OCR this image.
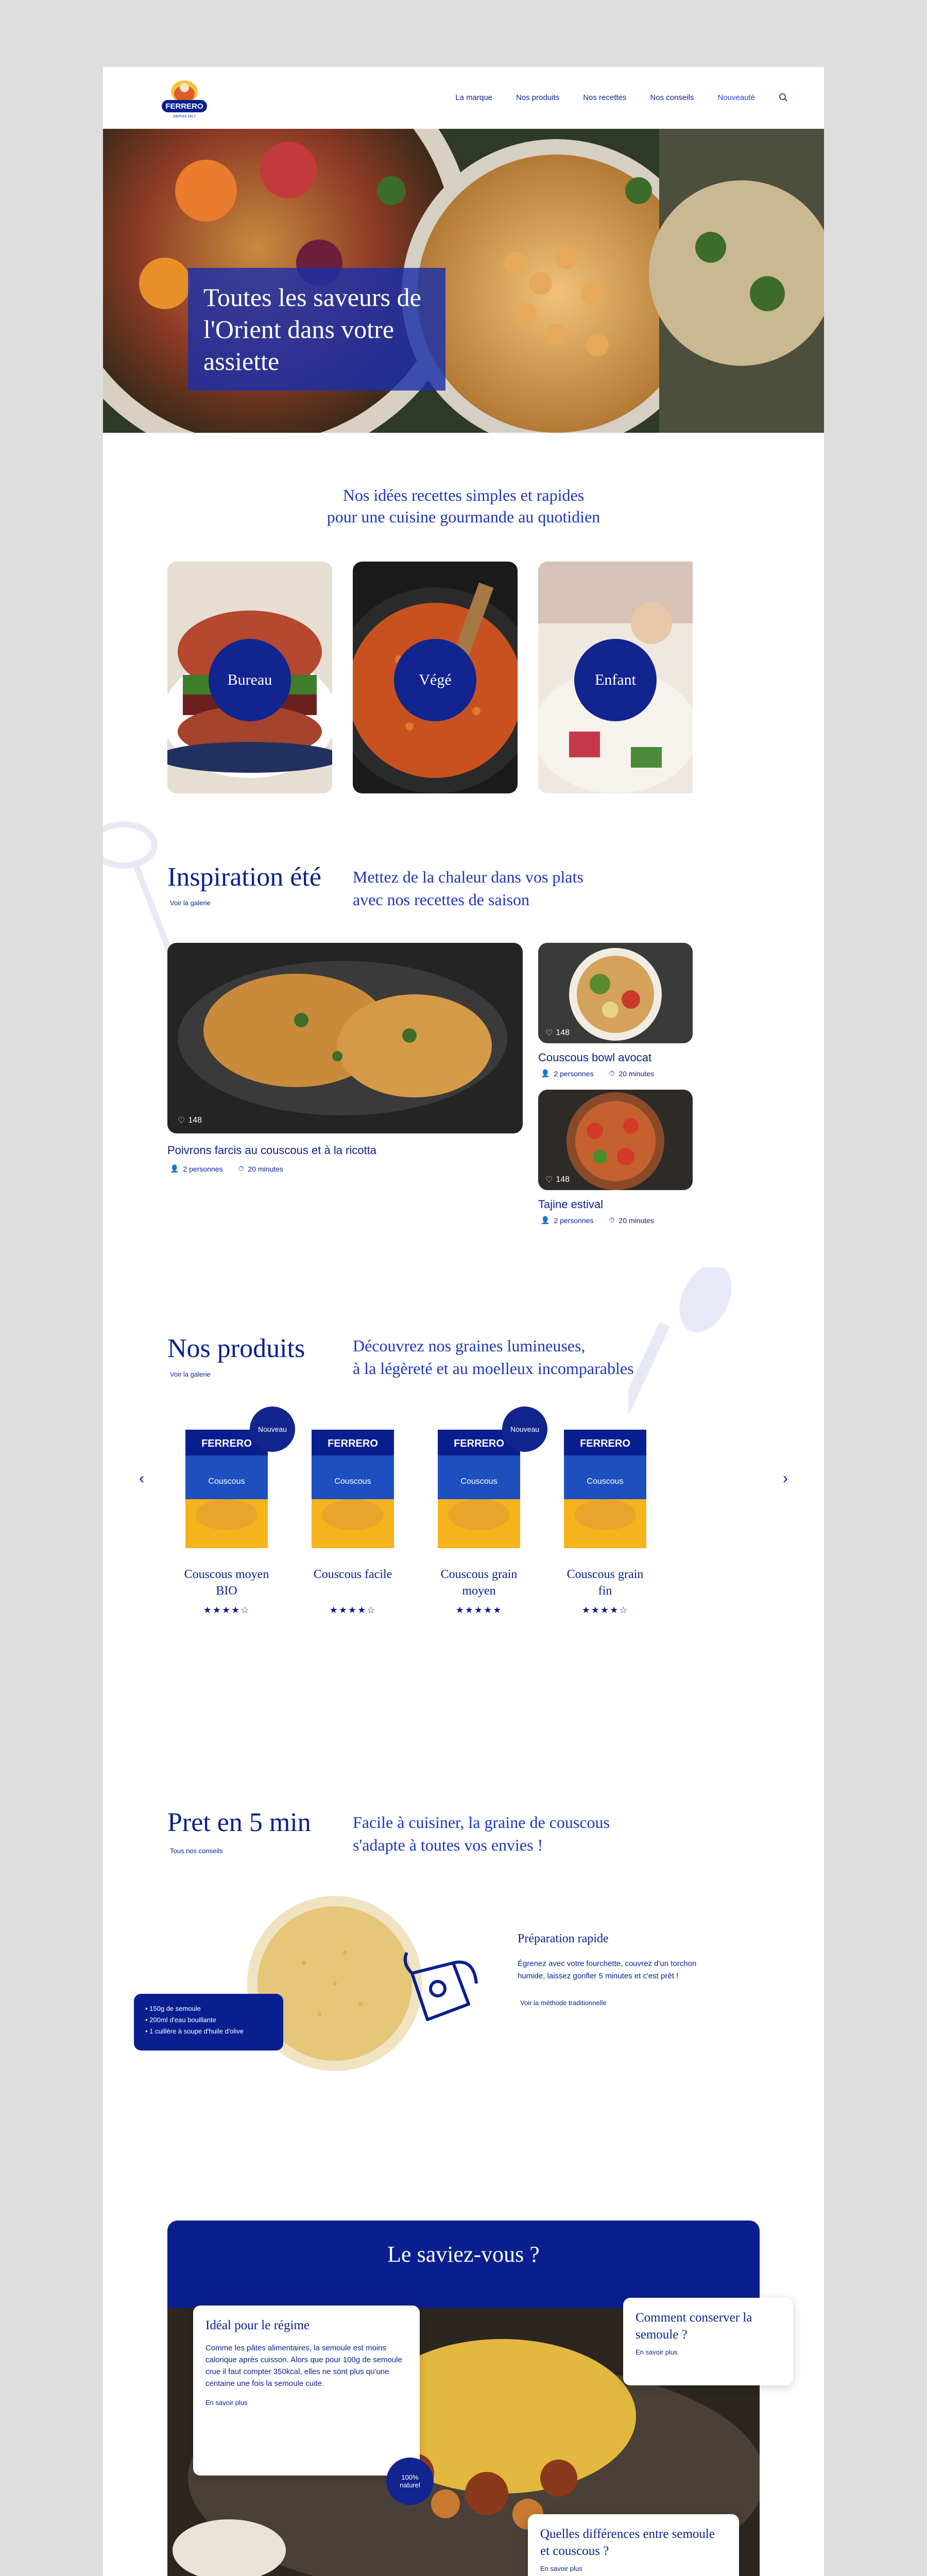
FERRERO
DEPUIS 1917
La marque	Nos produits	Nos recettes	Nos conseils	Nouveauté
Toutes les saveurs de l'Orient dans votre assiette
Nos idées recettes simples et rapides
pour une cuisine gourmande au quotidien
Bureau	Végé	Enfant
Inspiration été
Voir la galerie
Mettez de la chaleur dans vos plats
avec nos recettes de saison
♡ 148
Poivrons farcis au couscous et à la ricotta
👤 2 personnes ⏱ 20 minutes
♡ 148
Couscous bowl avocat
👤 2 personnes ⏱ 20 minutes
♡ 148
Tajine estival
👤 2 personnes ⏱ 20 minutes
Nos produits
Voir la galerie
Découvrez nos graines lumineuses,
à la légèreté et au moelleux incomparables
‹	›
FERRERO
Couscous
Nouveau
Couscous moyen
BIO
★★★★☆
FERRERO
Couscous
Couscous facile
★★★★☆
FERRERO
Couscous
Nouveau
Couscous grain
moyen
★★★★★
FERRERO
Couscous
Couscous grain
fin
★★★★☆
Pret en 5 min
Tous nos conseils
Facile à cuisiner, la graine de couscous
s'adapte à toutes vos envies !
• 150g de semoule
• 200ml d'eau bouillante
• 1 cuillère à soupe d'huile d'olive
Préparation rapide
Égrenez avec votre fourchette, couvrez d'un torchon
humide, laissez gonfler 5 minutes et c'est prêt !
Voir la méthode traditionnelle
Le saviez-vous ?
Idéal pour le régime

Comme les pâtes alimentaires, la semoule est moins calorique après cuisson. Alors que pour 100g de semoule crue il faut compter 350kcal, elles ne sont plus qu'une centaine une fois la semoule cuite.

En savoir plus
100%
naturel
Comment conserver la semoule ?
En savoir plus
Quelles différences entre semoule et couscous ?
En savoir plus
